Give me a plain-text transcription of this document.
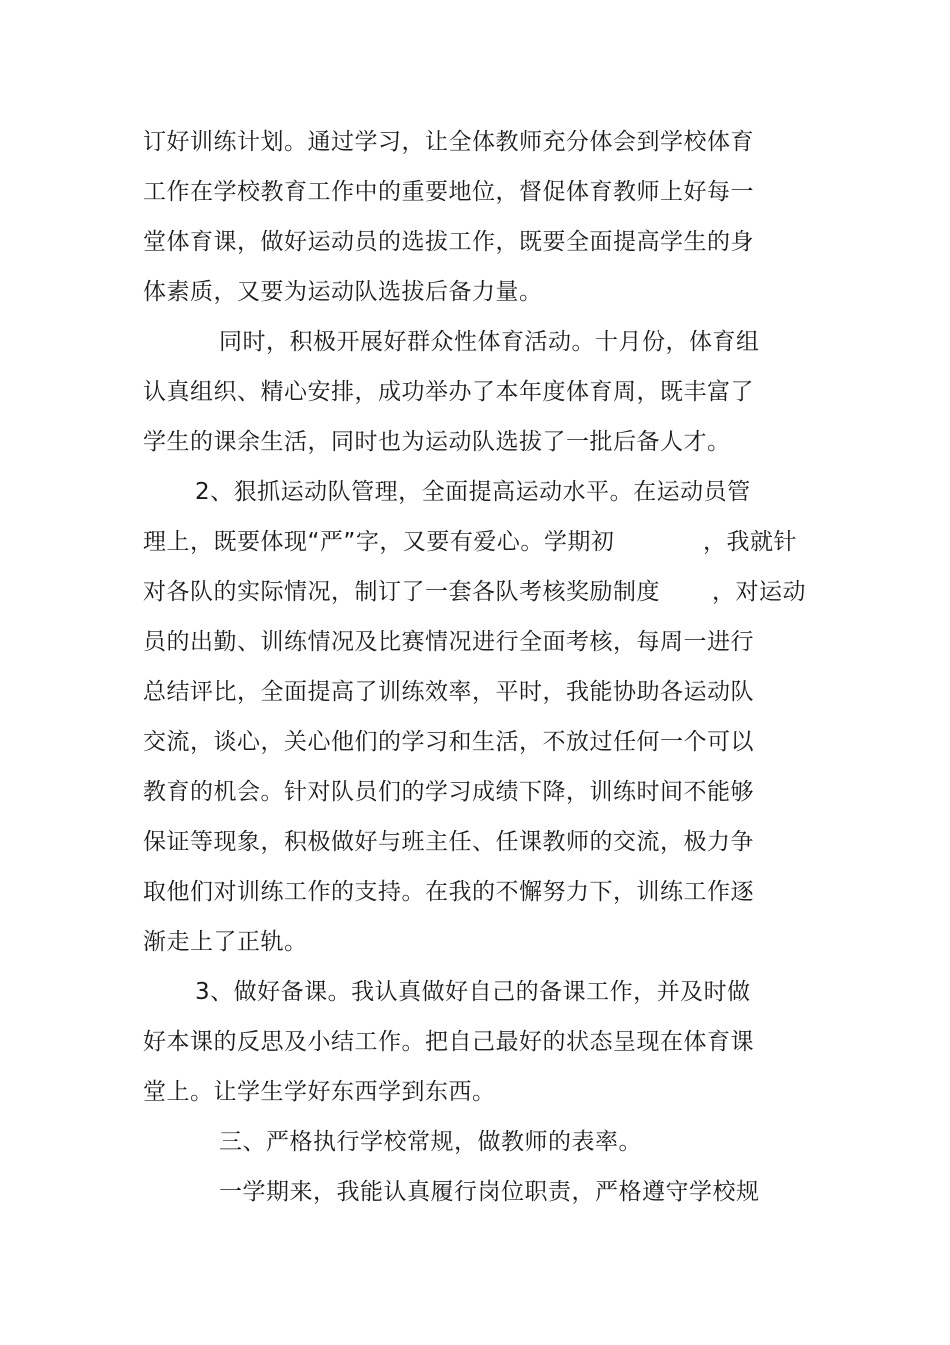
订好训练计划。通过学习，让全体教师充分体会到学校体育
工作在学校教育工作中的重要地位，督促体育教师上好每一
堂体育课，做好运动员的选拔工作，既要全面提高学生的身
体素质，又要为运动队选拔后备力量。
同时，积极开展好群众性体育活动。十月份，体育组
认真组织、精心安排，成功举办了本年度体育周，既丰富了
学生的课余生活，同时也为运动队选拔了一批后备人才。
2、狠抓运动队管理，全面提高运动水平。在运动员管
理上，既要体现“严”字，又要有爱心。学期初	，我就针
对各队的实际情况，制订了一套各队考核奖励制度 ，对运动
员的出勤、训练情况及比赛情况进行全面考核，每周一进行
总结评比，全面提高了训练效率，平时，我能协助各运动队
交流，谈心，关心他们的学习和生活，不放过任何一个可以
教育的机会。针对队员们的学习成绩下降，训练时间不能够
保证等现象，积极做好与班主任、任课教师的交流，极力争
取他们对训练工作的支持。在我的不懈努力下，训练工作逐
渐走上了正轨。
3、做好备课。我认真做好自己的备课工作，并及时做
好本课的反思及小结工作。把自己最好的状态呈现在体育课
堂上。让学生学好东西学到东西。
三、严格执行学校常规，做教师的表率。
一学期来，我能认真履行岗位职责，严格遵守学校规
